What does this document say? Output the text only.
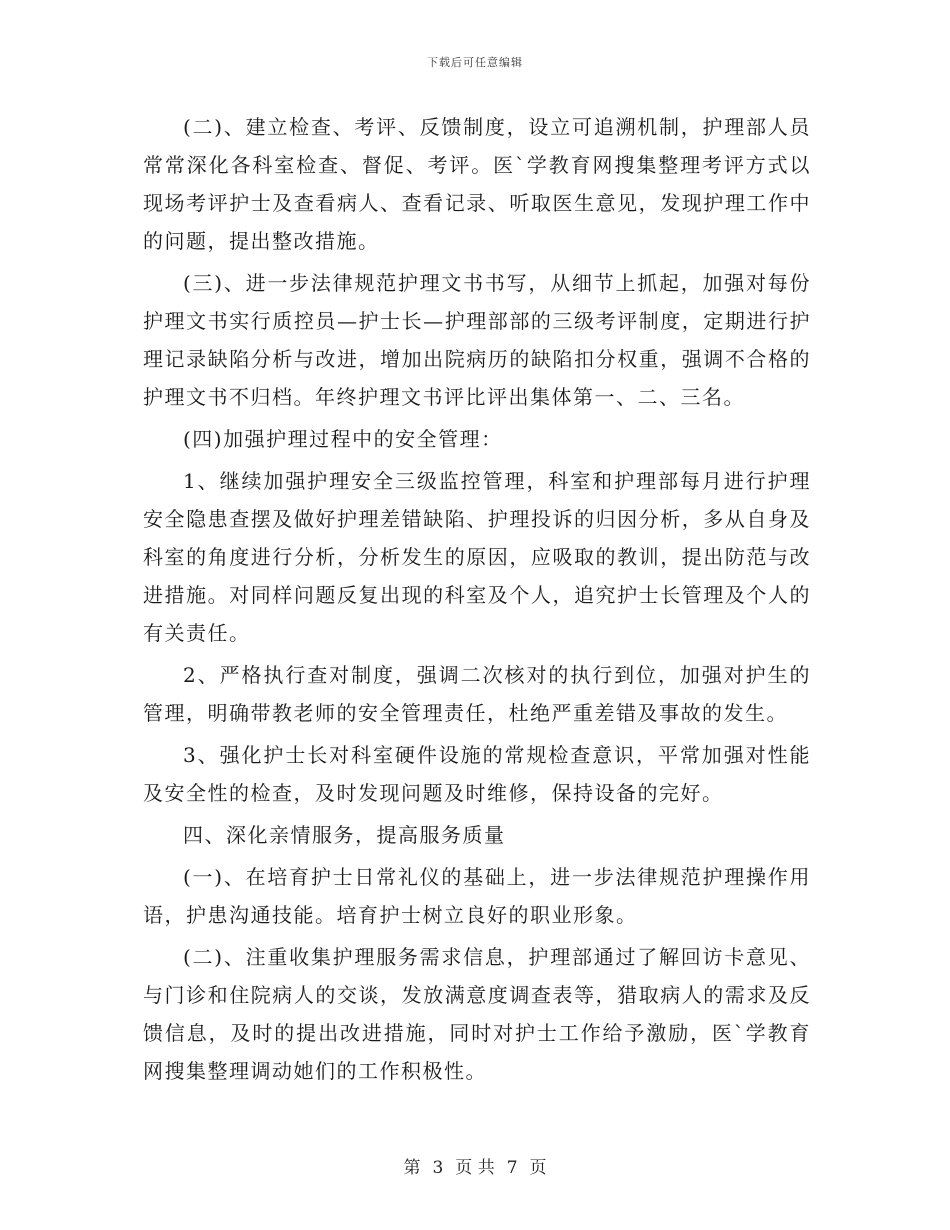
下载后可任意编辑

(二)、建立检查、考评、反馈制度，设立可追溯机制，护理部人员常常深化各科室检查、督促、考评。医`学教育网搜集整理考评方式以现场考评护士及查看病人、查看记录、听取医生意见，发现护理工作中的问题，提出整改措施。

(三)、进一步法律规范护理文书书写，从细节上抓起，加强对每份护理文书实行质控员—护士长—护理部部的三级考评制度，定期进行护理记录缺陷分析与改进，增加出院病历的缺陷扣分权重，强调不合格的护理文书不归档。年终护理文书评比评出集体第一、二、三名。

(四)加强护理过程中的安全管理：

1、继续加强护理安全三级监控管理，科室和护理部每月进行护理安全隐患查摆及做好护理差错缺陷、护理投诉的归因分析，多从自身及科室的角度进行分析，分析发生的原因，应吸取的教训，提出防范与改进措施。对同样问题反复出现的科室及个人，追究护士长管理及个人的有关责任。

2、严格执行查对制度，强调二次核对的执行到位，加强对护生的管理，明确带教老师的安全管理责任，杜绝严重差错及事故的发生。

3、强化护士长对科室硬件设施的常规检查意识，平常加强对性能及安全性的检查，及时发现问题及时维修，保持设备的完好。

四、深化亲情服务，提高服务质量

(一)、在培育护士日常礼仪的基础上，进一步法律规范护理操作用语，护患沟通技能。培育护士树立良好的职业形象。

(二)、注重收集护理服务需求信息，护理部通过了解回访卡意见、与门诊和住院病人的交谈，发放满意度调查表等，猎取病人的需求及反馈信息，及时的提出改进措施，同时对护士工作给予激励，医`学教育网搜集整理调动她们的工作积极性。

第 3 页 共 7 页
